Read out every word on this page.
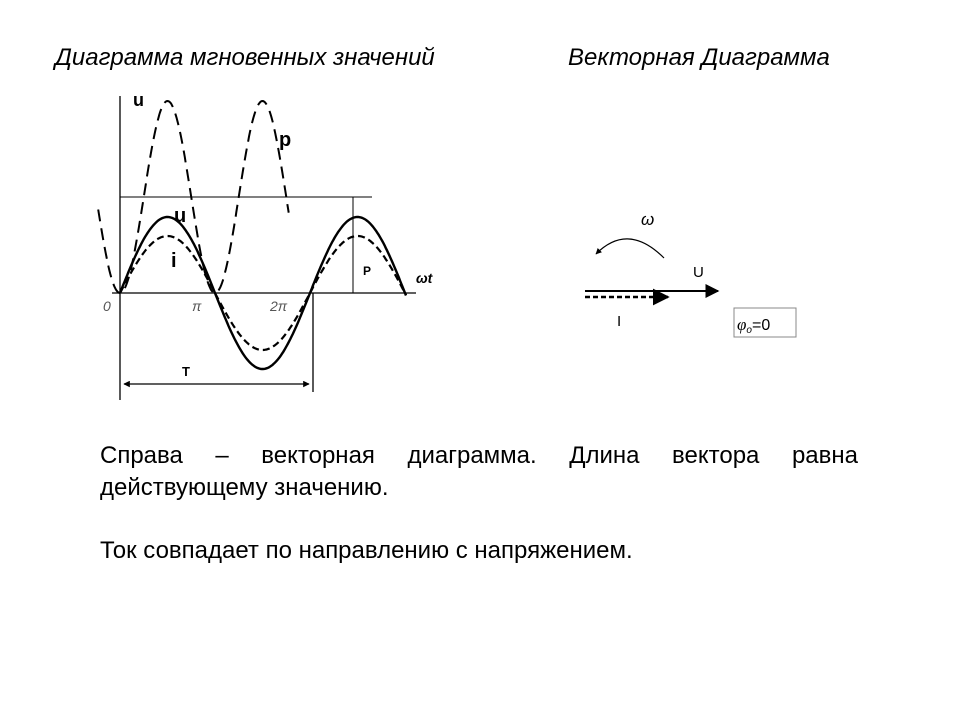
Диаграмма мгновенных значений	Векторная Диаграмма
u
p
u
i	P	ωt
0	π	2π
T
ω
U
I	φo=0
Справа – векторная диаграмма. Длина вектора равна действующему значению.
Ток совпадает по направлению с напряжением.
